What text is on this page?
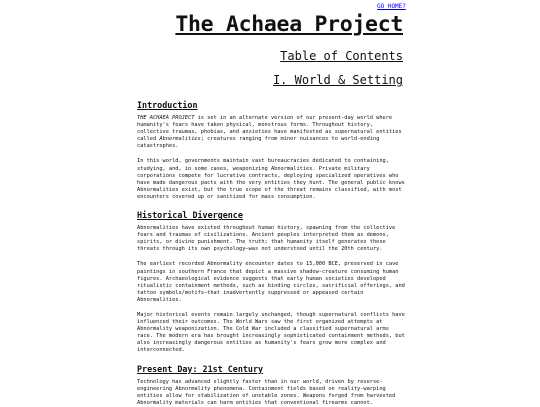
GO HOME?
The Achaea Project
Table of Contents
I. World & Setting
Introduction

THE ACHAEA PROJECT is set in an alternate version of our present-day world where humanity's fears have taken physical, monstrous forms. Throughout history, collective traumas, phobias, and anxieties have manifested as supernatural entities called Abnormalities; creatures ranging from minor nuisances to world-ending catastrophes.

In this world, governments maintain vast bureaucracies dedicated to containing, studying, and, in some cases, weaponizing Abnormalities. Private military corporations compete for lucrative contracts, deploying specialized operatives who have made dangerous pacts with the very entities they hunt. The general public knows Abnormalities exist, but the true scope of the threat remains classified, with most encounters covered up or sanitized for mass consumption.

Historical Divergence

Abnormalities have existed throughout human history, spawning from the collective fears and traumas of civilizations. Ancient peoples interpreted them as demons, spirits, or divine punishment. The truth; that humanity itself generates these threats through its own psychology—was not understood until the 20th century.

The earliest recorded Abnormality encounter dates to 15,000 BCE, preserved in cave paintings in southern France that depict a massive shadow-creature consuming human figures. Archaeological evidence suggests that early human societies developed ritualistic containment methods, such as binding circles, sacrificial offerings, and tattoo symbols/motifs—that inadvertently suppressed or appeased certain Abnormalities.

Major historical events remain largely unchanged, though supernatural conflicts have influenced their outcomes. The World Wars saw the first organized attempts at Abnormality weaponization. The Cold War included a classified supernatural arms race. The modern era has brought increasingly sophisticated containment methods, but also increasingly dangerous entities as humanity's fears grow more complex and interconnected.

Present Day: 21st Century

Technology has advanced slightly faster than in our world, driven by reverse-engineering Abnormality phenomena. Containment fields based on reality-warping entities allow for stabilization of unstable zones. Weapons forged from harvested Abnormality materials can harm entities that conventional firearms cannot.
